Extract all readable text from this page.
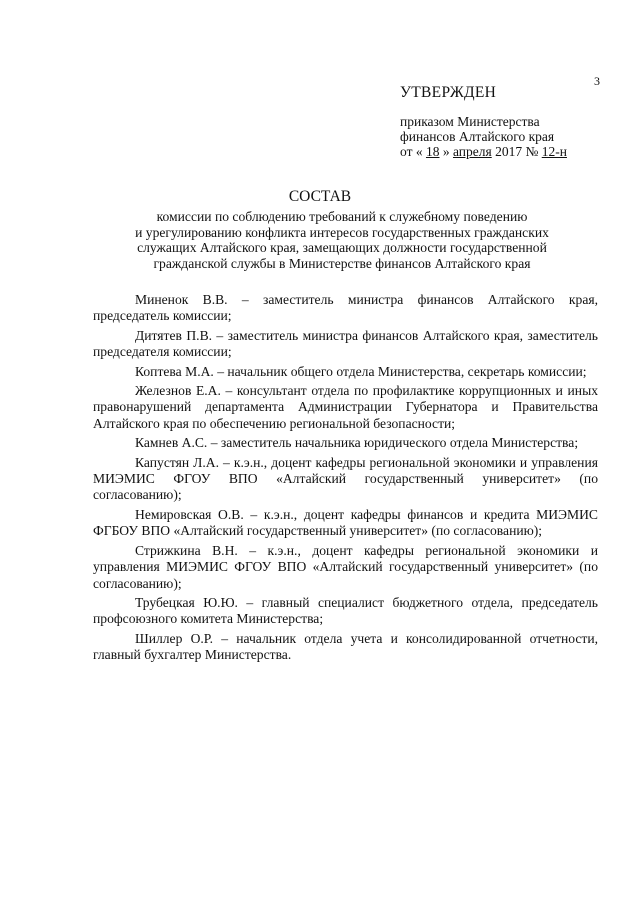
3
УТВЕРЖДЕН
приказом Министерства
финансов Алтайского края
от « 18 » апреля 2017 № 12-н
СОСТАВ
комиссии по соблюдению требований к служебному поведению
и урегулированию конфликта интересов государственных гражданских
служащих Алтайского края, замещающих должности государственной
гражданской службы в Министерстве финансов Алтайского края

Миненок В.В. – заместитель министра финансов Алтайского края, председатель комиссии;

Дитятев П.В. – заместитель министра финансов Алтайского края, заместитель председателя комиссии;

Коптева М.А. – начальник общего отдела Министерства, секретарь комиссии;

Железнов Е.А. – консультант отдела по профилактике коррупционных и иных правонарушений департамента Администрации Губернатора и Правительства Алтайского края по обеспечению региональной безопасности;

Камнев А.С. – заместитель начальника юридического отдела Министерства;

Капустян Л.А. – к.э.н., доцент кафедры региональной экономики и управления МИЭМИС ФГОУ ВПО «Алтайский государственный университет» (по согласованию);

Немировская О.В. – к.э.н., доцент кафедры финансов и кредита МИЭМИС ФГБОУ ВПО «Алтайский государственный университет» (по согласованию);

Стрижкина В.Н. – к.э.н., доцент кафедры региональной экономики и управления МИЭМИС ФГОУ ВПО «Алтайский государственный университет» (по согласованию);

Трубецкая Ю.Ю. – главный специалист бюджетного отдела, председатель профсоюзного комитета Министерства;

Шиллер О.Р. – начальник отдела учета и консолидированной отчетности, главный бухгалтер Министерства.
